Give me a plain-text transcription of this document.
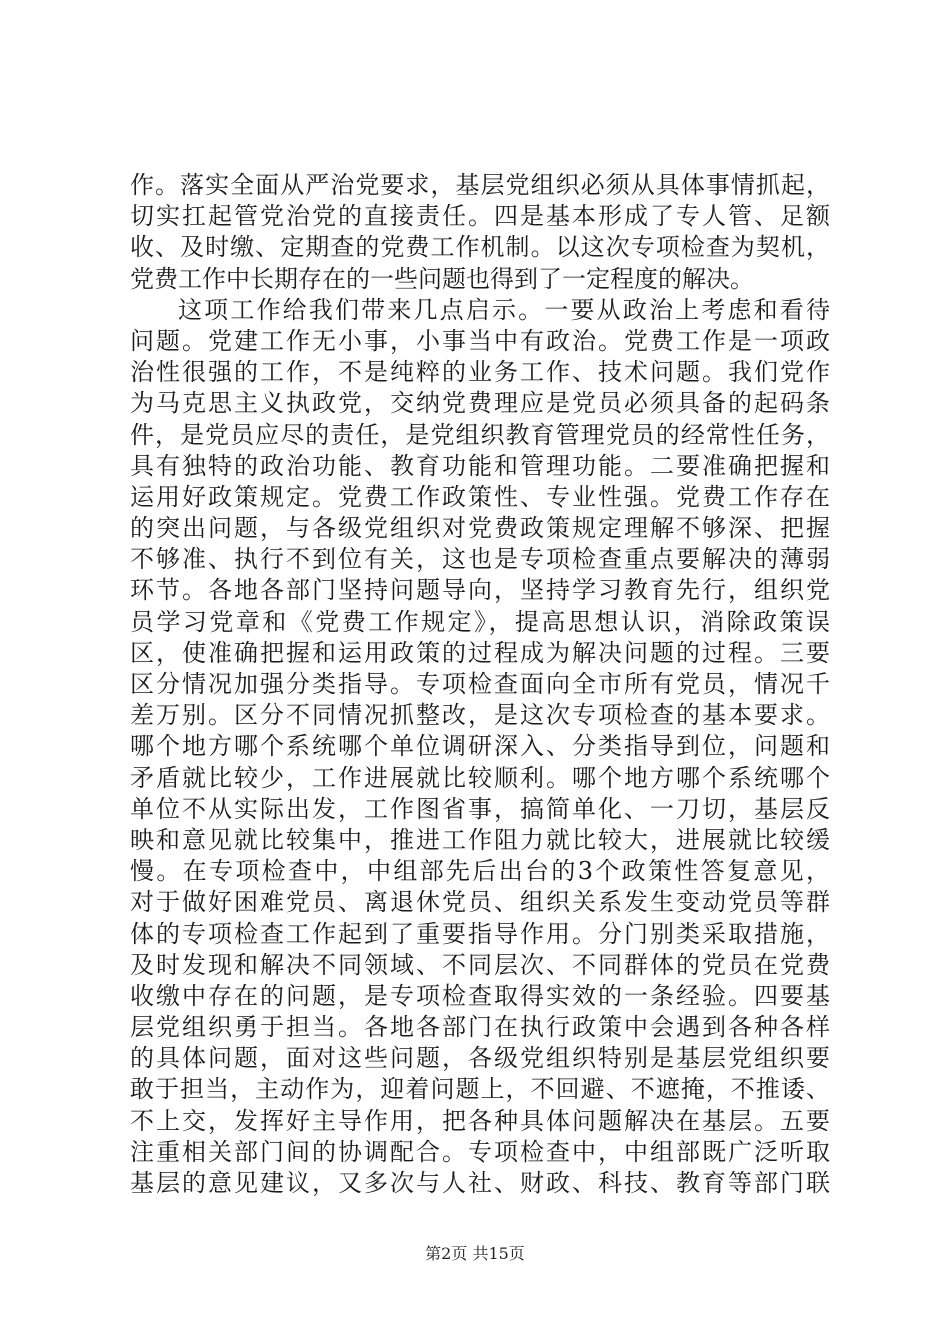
作。落实全面从严治党要求，基层党组织必须从具体事情抓起，
切实扛起管党治党的直接责任。四是基本形成了专人管、足额
收、及时缴、定期查的党费工作机制。以这次专项检查为契机，
党费工作中长期存在的一些问题也得到了一定程度的解决。
这项工作给我们带来几点启示。一要从政治上考虑和看待
问题。党建工作无小事，小事当中有政治。党费工作是一项政
治性很强的工作，不是纯粹的业务工作、技术问题。我们党作
为马克思主义执政党，交纳党费理应是党员必须具备的起码条
件，是党员应尽的责任，是党组织教育管理党员的经常性任务，
具有独特的政治功能、教育功能和管理功能。二要准确把握和
运用好政策规定。党费工作政策性、专业性强。党费工作存在
的突出问题，与各级党组织对党费政策规定理解不够深、把握
不够准、执行不到位有关，这也是专项检查重点要解决的薄弱
环节。各地各部门坚持问题导向，坚持学习教育先行，组织党
员学习党章和《党费工作规定》，提高思想认识，消除政策误
区，使准确把握和运用政策的过程成为解决问题的过程。三要
区分情况加强分类指导。专项检查面向全市所有党员，情况千
差万别。区分不同情况抓整改，是这次专项检查的基本要求。
哪个地方哪个系统哪个单位调研深入、分类指导到位，问题和
矛盾就比较少，工作进展就比较顺利。哪个地方哪个系统哪个
单位不从实际出发，工作图省事，搞简单化、一刀切，基层反
映和意见就比较集中，推进工作阻力就比较大，进展就比较缓
慢。在专项检查中，中组部先后出台的3个政策性答复意见，
对于做好困难党员、离退休党员、组织关系发生变动党员等群
体的专项检查工作起到了重要指导作用。分门别类采取措施，
及时发现和解决不同领域、不同层次、不同群体的党员在党费
收缴中存在的问题，是专项检查取得实效的一条经验。四要基
层党组织勇于担当。各地各部门在执行政策中会遇到各种各样
的具体问题，面对这些问题，各级党组织特别是基层党组织要
敢于担当，主动作为，迎着问题上，不回避、不遮掩，不推诿、
不上交，发挥好主导作用，把各种具体问题解决在基层。五要
注重相关部门间的协调配合。专项检查中，中组部既广泛听取
基层的意见建议，又多次与人社、财政、科技、教育等部门联
第2页 共15页
